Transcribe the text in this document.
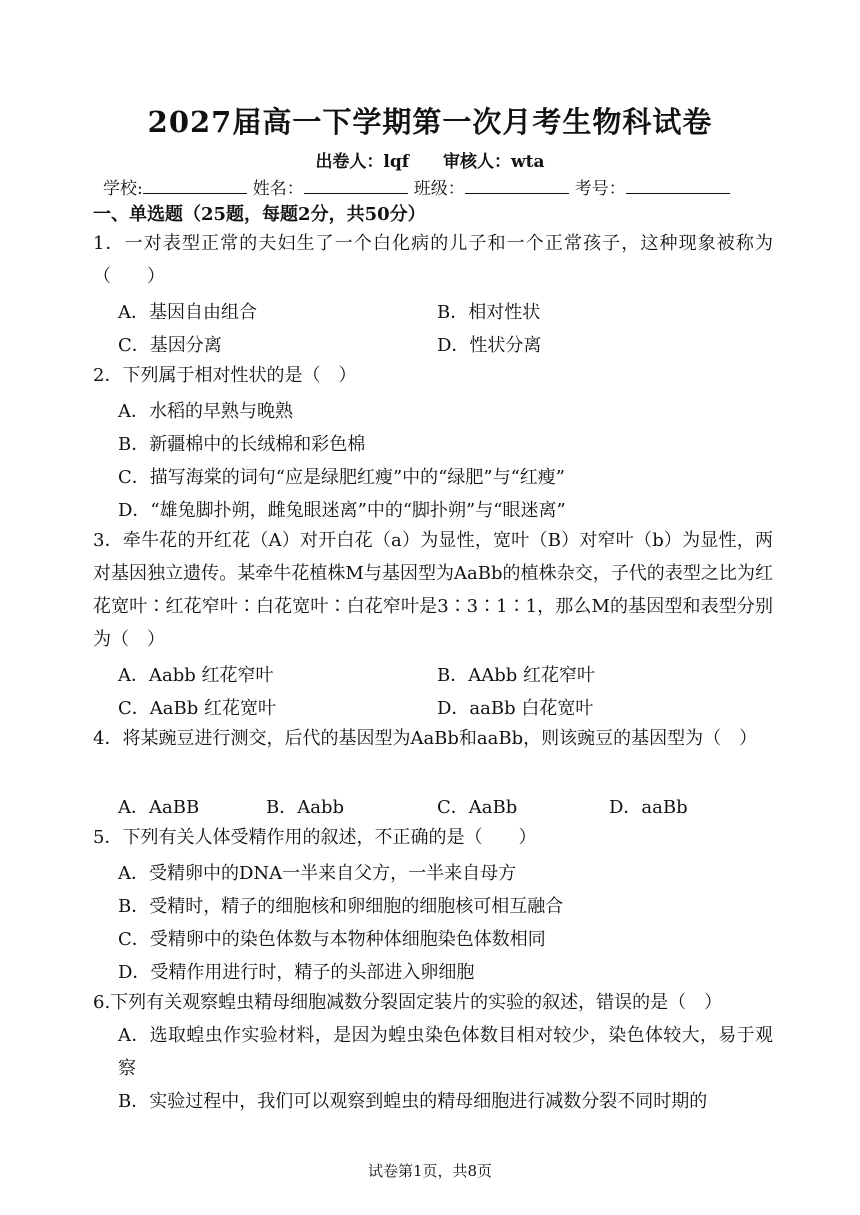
2027届高一下学期第一次月考生物科试卷
出卷人：lqf 审核人：wta
学校:	姓名：	班级：	考号：
一、单选题（25题，每题2分，共50分）
1．一对表型正常的夫妇生了一个白化病的儿子和一个正常孩子，这种现象被称为（　　）
A．基因自由组合	B．相对性状
C．基因分离	D．性状分离
2．下列属于相对性状的是（　）
A．水稻的早熟与晚熟
B．新疆棉中的长绒棉和彩色棉
C．描写海棠的词句“应是绿肥红瘦”中的“绿肥”与“红瘦”
D．“雄兔脚扑朔，雌兔眼迷离”中的“脚扑朔”与“眼迷离”
3．牵牛花的开红花（A）对开白花（a）为显性，宽叶（B）对窄叶（b）为显性，两对基因独立遗传。某牵牛花植株M与基因型为AaBb的植株杂交，子代的表型之比为红花宽叶∶红花窄叶∶白花宽叶∶白花窄叶是3∶3∶1∶1，那么M的基因型和表型分别为（　）
A．Aabb 红花窄叶	B．AAbb 红花窄叶
C．AaBb 红花宽叶	D．aaBb 白花宽叶
4．将某豌豆进行测交，后代的基因型为AaBb和aaBb，则该豌豆的基因型为（　）
A．AaBB	B．Aabb	C．AaBb	D．aaBb
5．下列有关人体受精作用的叙述，不正确的是（　　）
A．受精卵中的DNA一半来自父方，一半来自母方
B．受精时，精子的细胞核和卵细胞的细胞核可相互融合
C．受精卵中的染色体数与本物种体细胞染色体数相同
D．受精作用进行时，精子的头部进入卵细胞
6.下列有关观察蝗虫精母细胞减数分裂固定装片的实验的叙述，错误的是（　）
A．选取蝗虫作实验材料，是因为蝗虫染色体数目相对较少，染色体较大，易于观察
B．实验过程中，我们可以观察到蝗虫的精母细胞进行减数分裂不同时期的
试卷第1页，共8页
